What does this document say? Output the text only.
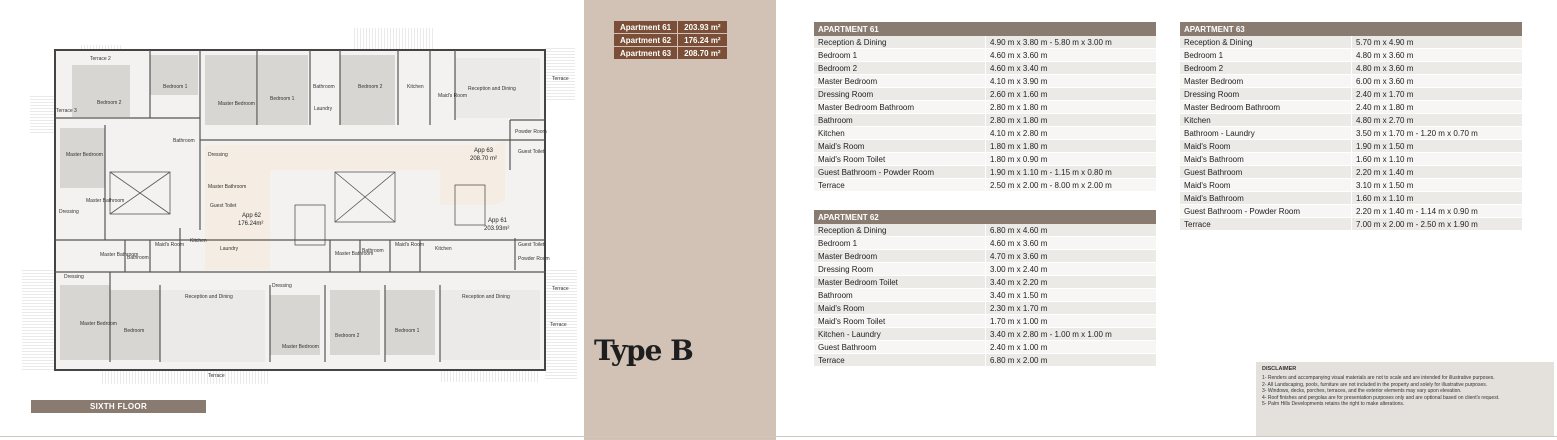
Terrace 2
Bedroom 1
Bedroom 2
Terrace 3
Master Bedroom
Bedroom 1
Bathroom
Laundry
Bedroom 2	Kitchen
Maid's Room
Reception and Dining
Terrace
Powder Room
Guest Toilet
Master Bedroom
Bathroom
Dressing
Master Bathroom
Guest Toilet
Dressing
Master Bathroom
Maid's Room
Kitchen
Laundry
Master Bathroom
Bathroom
Maid's Room
Kitchen
Guest Toilet
Powder Room
Terrace
Dressing
Master Bathroom
Bathroom
Master Bedroom
Bedroom
Reception and Dining
Dressing
Master Bedroom
Bedroom 2
Bedroom 1
Reception and Dining
Terrace
Terrace
App 63
208.70 m²
App 62
176.24m²	App 61
203.93m²
SIXTH FLOOR
Apartment 61	203.93 m²
Apartment 62	176.24 m²
Apartment 63	208.70 m²
Type B
APARTMENT 61	
Reception & Dining	4.90 m x 3.80 m - 5.80 m x 3.00 m
Bedroom 1	4.60 m x 3.60 m
Bedroom 2	4.60 m x 3.40 m
Master Bedroom	4.10 m x 3.90 m
Dressing Room	2.60 m x 1.60 m
Master Bedroom Bathroom	2.80 m x 1.80 m
Bathroom	2.80 m x 1.80 m
Kitchen	4.10 m x 2.80 m
Maid's Room	1.80 m x 1.80 m
Maid's Room Toilet	1.80 m x 0.90 m
Guest Bathroom - Powder Room	1.90 m x 1.10 m - 1.15 m x 0.80 m
Terrace	2.50 m x 2.00 m - 8.00 m x 2.00 m
APARTMENT 62	
Reception & Dining	6.80 m x 4.60 m
Bedroom 1	4.60 m x 3.60 m
Master Bedroom	4.70 m x 3.60 m
Dressing Room	3.00 m x 2.40 m
Master Bedroom Toilet	3.40 m x 2.20 m
Bathroom	3.40 m x 1.50 m
Maid's Room	2.30 m x 1.70 m
Maid's Room Toilet	1.70 m x 1.00 m
Kitchen - Laundry	3.40 m x 2.80 m - 1.00 m x 1.00 m
Guest Bathroom	2.40 m x 1.00 m
Terrace	6.80 m x 2.00 m
APARTMENT 63	
Reception & Dining	5.70 m x 4.90 m
Bedroom 1	4.80 m x 3.60 m
Bedroom 2	4.80 m x 3.60 m
Master Bedroom	6.00 m x 3.60 m
Dressing Room	2.40 m x 1.70 m
Master Bedroom Bathroom	2.40 m x 1.80 m
Kitchen	4.80 m x 2.70 m
Bathroom - Laundry	3.50 m x 1.70 m - 1.20 m x 0.70 m
Maid's Room	1.90 m x 1.50 m
Maid's Bathroom	1.60 m x 1.10 m
Guest Bathroom	2.20 m x 1.40 m
Maid's Room	3.10 m x 1.50 m
Maid's Bathroom	1.60 m x 1.10 m
Guest Bathroom - Powder Room	2.20 m x 1.40 m - 1.14 m x 0.90 m
Terrace	7.00 m x 2.00 m - 2.50 m x 1.90 m
DISCLAIMER
1- Renders and accompanying visual materials are not to scale and are intended for illustrative purposes.
2- All Landscaping, pools, furniture are not included in the property and solely for illustrative purposes.
3- Windows, decks, porches, terraces, and the exterior elements may vary upon elevation.
4- Roof finishes and pergolas are for presentation purposes only and are optional based on client's request.
5- Palm Hills Developments retains the right to make alterations.
